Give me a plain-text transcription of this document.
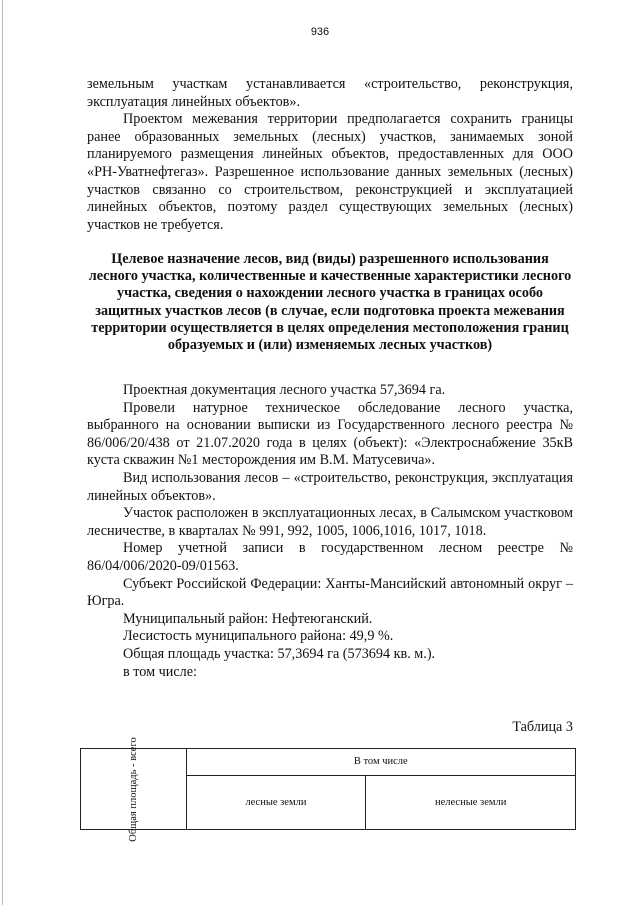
936

земельным участкам устанавливается «строительство, реконструкция, эксплуатация линейных объектов».

Проектом межевания территории предполагается сохранить границы ранее образованных земельных (лесных) участков, занимаемых зоной планируемого размещения линейных объектов, предоставленных для ООО «РН-Уватнефтегаз». Разрешенное использование данных земельных (лесных) участков связанно со строительством, реконструкцией и эксплуатацией линейных объектов, поэтому раздел существующих земельных (лесных) участков не требуется.

Целевое назначение лесов, вид (виды) разрешенного использования лесного участка, количественные и качественные характеристики лесного участка, сведения о нахождении лесного участка в границах особо защитных участков лесов (в случае, если подготовка проекта межевания территории осуществляется в целях определения местоположения границ образуемых и (или) изменяемых лесных участков)

Проектная документация лесного участка 57,3694 га.

Провели натурное техническое обследование лесного участка, выбранного на основании выписки из Государственного лесного реестра № 86/006/20/438 от 21.07.2020 года в целях (объект): «Электроснабжение 35кВ куста скважин №1 месторождения им В.М. Матусевича».

Вид использования лесов – «строительство, реконструкция, эксплуатация линейных объектов».

Участок расположен в эксплуатационных лесах, в Салымском участковом лесничестве, в кварталах № 991, 992, 1005, 1006,1016, 1017, 1018.

Номер учетной записи в государственном лесном реестре № 86/04/006/2020-09/01563.

Субъект Российской Федерации: Ханты-Мансийский автономный округ – Югра.

Муниципальный район: Нефтеюганский.

Лесистость муниципального района: 49,9 %.

Общая площадь участка: 57,3694 га (573694 кв. м.).

в том числе:

Таблица 3
Общая площадь - всего	В том числе	
	лесные земли	нелесные земли
